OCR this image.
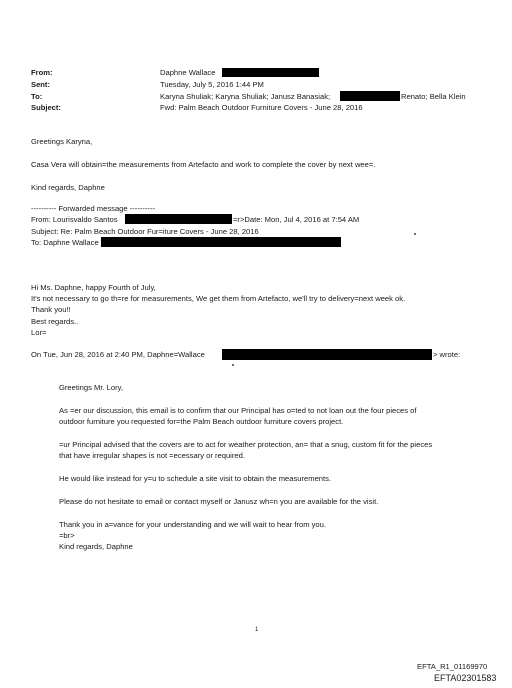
From:	Daphne Wallace
Sent:	Tuesday, July 5, 2016 1:44 PM
To:	Karyna Shuliak; Karyna Shuliak; Janusz Banasiak;	Renato; Bella Klein
Subject:	Fwd: Palm Beach Outdoor Furniture Covers - June 28, 2016
Greetings Karyna,
Casa Vera will obtain=the measurements from Artefacto and work to complete the cover by next wee=.
Kind regards, Daphne
---------- Forwarded message ----------
From: Lourisvaldo Santos	=r>Date: Mon, Jul 4, 2016 at 7:54 AM
Subject: Re: Palm Beach Outdoor Fur=iture Covers - June 28, 2016
To: Daphne Wallace
Hi Ms. Daphne, happy Fourth of July,
It's not necessary to go th=re for measurements, We get them from Artefacto, we'll try to delivery=next week ok.
Thank you!!
Best regards..
Lor=
On Tue, Jun 28, 2016 at 2:40 PM, Daphne=Wallace	> wrote:
Greetings Mr. Lory,
As =er our discussion, this email is to confirm that our Principal has o=ted to not loan out the four pieces of
outdoor furniture you requested for=the Palm Beach outdoor furniture covers project.
=ur Principal advised that the covers are to act for weather protection, an= that a snug, custom fit for the pieces
that have irregular shapes is not =ecessary or required.
He would like instead for y=u to schedule a site visit to obtain the measurements.
Please do not hesitate to email or contact myself or Janusz wh=n you are available for the visit.
Thank you in a=vance for your understanding and we will wait to hear from you.
=br>
Kind regards, Daphne
1
EFTA_R1_01169970
EFTA02301583
